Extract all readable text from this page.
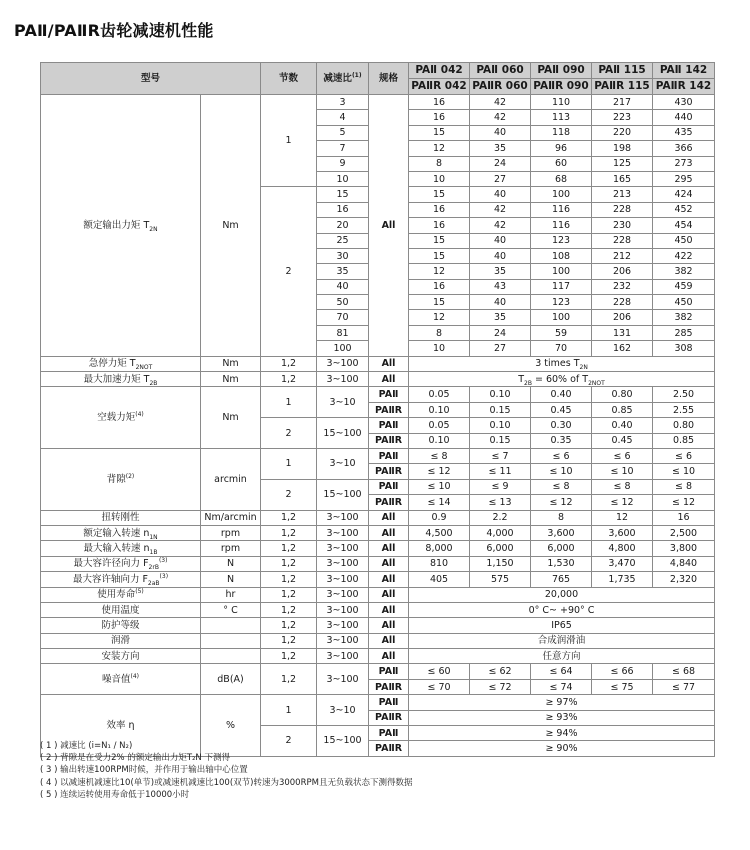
PAⅡ/PAⅡR齿轮减速机性能
型号		节数	减速比$^{(1)}$	规格	PAⅡ 042	PAⅡ 060	PAⅡ 090	PAⅡ 115	PAⅡ 142
					PAⅡR 042	PAⅡR 060	PAⅡR 090	PAⅡR 115	PAⅡR 142
额定输出力矩 $T_{2N}$	Nm	1	3	All	16	42	110	217	430
			4		16	42	113	223	440
			5		15	40	118	220	435
			7		12	35	96	198	366
			9		8	24	60	125	273
			10		10	27	68	165	295
		2	15		15	40	100	213	424
			16		16	42	116	228	452
			20		16	42	116	230	454
			25		15	40	123	228	450
			30		15	40	108	212	422
			35		12	35	100	206	382
			40		16	43	117	232	459
			50		15	40	123	228	450
			70		12	35	100	206	382
			81		8	24	59	131	285
			100		10	27	70	162	308
急停力矩 $T_{2NOT}$	Nm	1,2	3~100	All	3 times $T_{2N}$
最大加速力矩 $T_{2B}$	Nm	1,2	3~100	All	$T_{2B} = 60\%$ of $T_{2NOT}$
空载力矩$^{(4)}$	Nm	1	3~10	PAⅡ	0.05	0.10	0.40	0.80	2.50
				PAⅡR	0.10	0.15	0.45	0.85	2.55
		2	15~100	PAⅡ	0.05	0.10	0.30	0.40	0.80
				PAⅡR	0.10	0.15	0.35	0.45	0.85
背隙$^{(2)}$	arcmin	1	3~10	PAⅡ	≤ 8	≤ 7	≤ 6	≤ 6	≤ 6
				PAⅡR	≤ 12	≤ 11	≤ 10	≤ 10	≤ 10
		2	15~100	PAⅡ	≤ 10	≤ 9	≤ 8	≤ 8	≤ 8
				PAⅡR	≤ 14	≤ 13	≤ 12	≤ 12	≤ 12
扭转刚性	Nm/arcmin	1,2	3~100	All	0.9	2.2	8	12	16
额定输入转速 $n_{1N}$	rpm	1,2	3~100	All	4,500	4,000	3,600	3,600	2,500
最大输入转速 $n_{1B}$	rpm	1,2	3~100	All	8,000	6,000	6,000	4,800	3,800
最大容许径向力 $F_{2rB}^{(3)}$	N	1,2	3~100	All	810	1,150	1,530	3,470	4,840
最大容许轴向力 $F_{2aB}^{(3)}$	N	1,2	3~100	All	405	575	765	1,735	2,320
使用寿命$^{(5)}$	hr	1,2	3~100	All	20,000				
使用温度	° C	1,2	3~100	All	0° C~ +90° C				
防护等级		1,2	3~100	All	IP65				
润滑		1,2	3~100	All	合成润滑油				
安装方向		1,2	3~100	All	任意方向				
噪音值$^{(4)}$	dB(A)	1,2	3~100	PAⅡ	≤ 60	≤ 62	≤ 64	≤ 66	≤ 68
				PAⅡR	≤ 70	≤ 72	≤ 74	≤ 75	≤ 77
效率 η	%	1	3~10	PAⅡ	≥ 97%				
				PAⅡR	≥ 93%				
		2	15~100	PAⅡ	≥ 94%				
				PAⅡR	≥ 90%				
( 1 ) 减速比 (i=N₁ / N₂)
( 2 ) 背隙是在受力2% 的额定输出力矩T₂N 下测得
( 3 ) 输出转速100RPM时候，并作用于输出轴中心位置
( 4 ) 以减速机减速比10(单节)或减速机减速比100(双节)转速为3000RPM且无负载状态下测得数据
( 5 ) 连续运转使用寿命低于10000小时
